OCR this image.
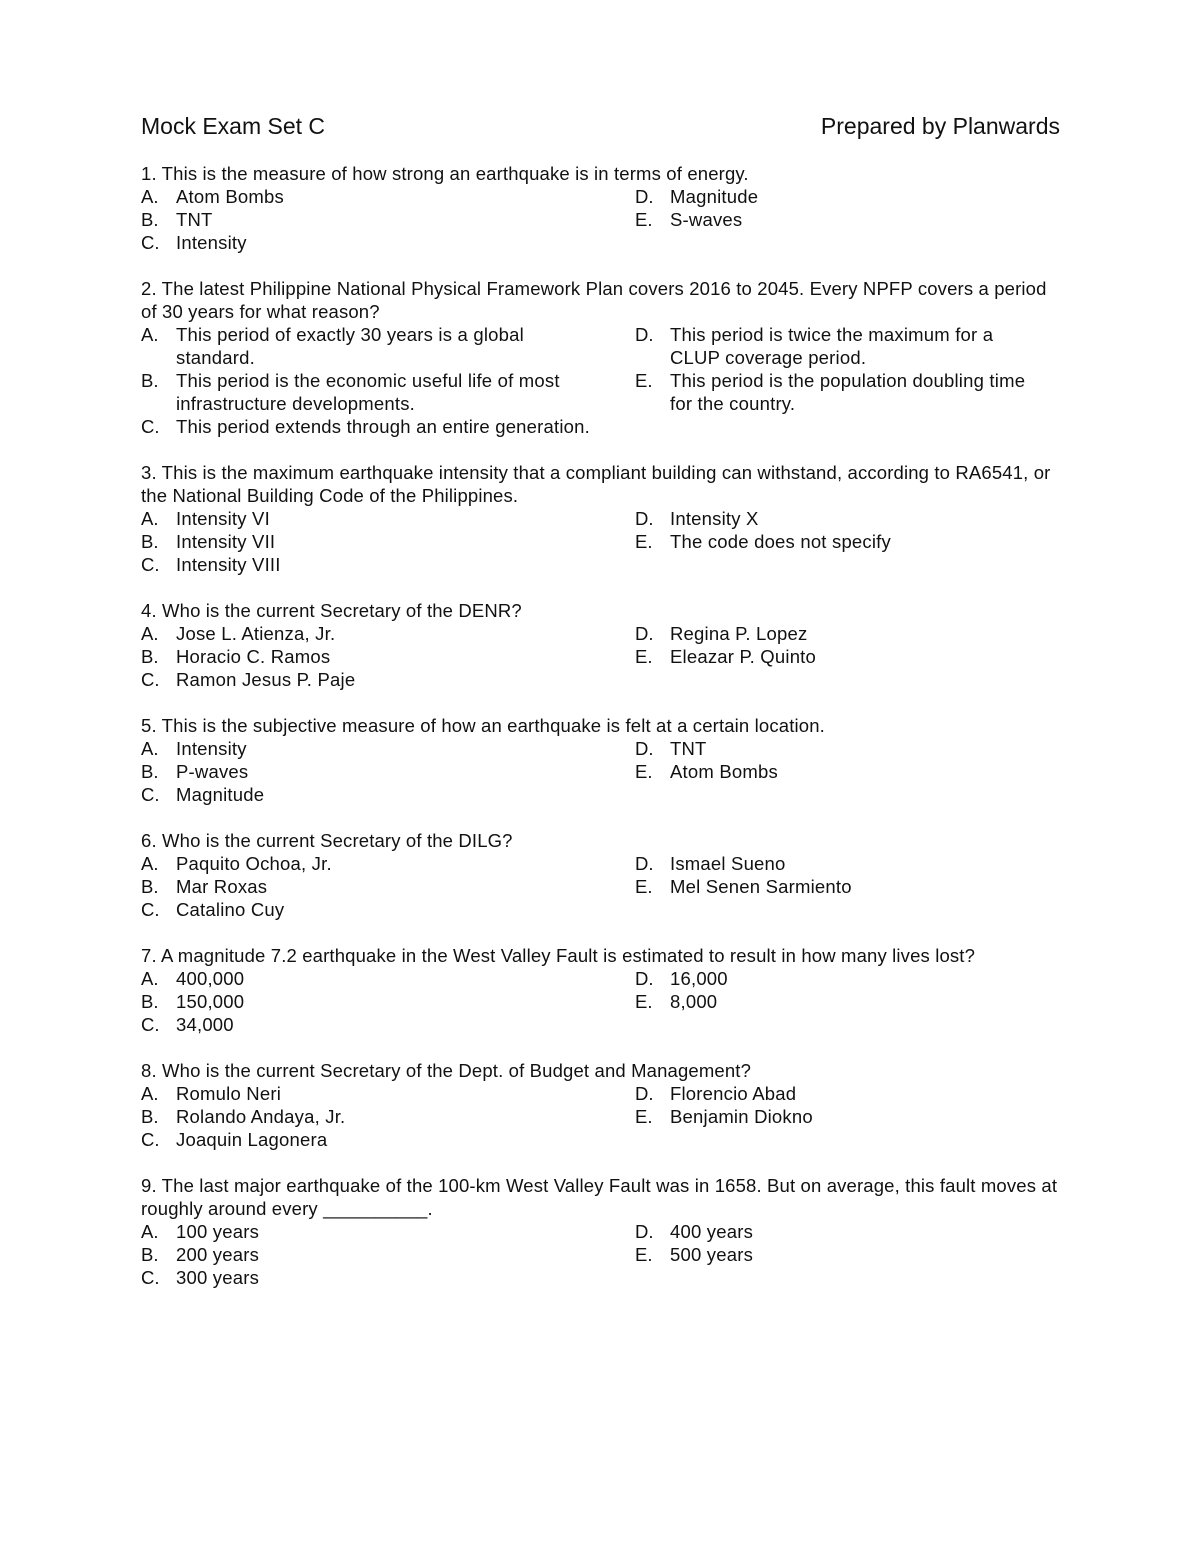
Mock Exam Set C	Prepared by Planwards

1. This is the measure of how strong an earthquake is in terms of energy.

A. Atom Bombs
B. TNT
C. Intensity
D. Magnitude
E. S-waves

2. The latest Philippine National Physical Framework Plan covers 2016 to 2045. Every NPFP covers a period of 30 years for what reason?

A. This period of exactly 30 years is a global standard.
B. This period is the economic useful life of most infrastructure developments.
C. This period extends through an entire generation.
D. This period is twice the maximum for a CLUP coverage period.
E. This period is the population doubling time for the country.

3. This is the maximum earthquake intensity that a compliant building can withstand, according to RA6541, or the National Building Code of the Philippines.

A. Intensity VI
B. Intensity VII
C. Intensity VIII
D. Intensity X
E. The code does not specify

4. Who is the current Secretary of the DENR?

A. Jose L. Atienza, Jr.
B. Horacio C. Ramos
C. Ramon Jesus P. Paje
D. Regina P. Lopez
E. Eleazar P. Quinto

5. This is the subjective measure of how an earthquake is felt at a certain location.

A. Intensity
B. P-waves
C. Magnitude
D. TNT
E. Atom Bombs

6. Who is the current Secretary of the DILG?

A. Paquito Ochoa, Jr.
B. Mar Roxas
C. Catalino Cuy
D. Ismael Sueno
E. Mel Senen Sarmiento

7. A magnitude 7.2 earthquake in the West Valley Fault is estimated to result in how many lives lost?

A. 400,000
B. 150,000
C. 34,000
D. 16,000
E. 8,000

8. Who is the current Secretary of the Dept. of Budget and Management?

A. Romulo Neri
B. Rolando Andaya, Jr.
C. Joaquin Lagonera
D. Florencio Abad
E. Benjamin Diokno

9. The last major earthquake of the 100-km West Valley Fault was in 1658. But on average, this fault moves at roughly around every __________.

A. 100 years
B. 200 years
C. 300 years
D. 400 years
E. 500 years
